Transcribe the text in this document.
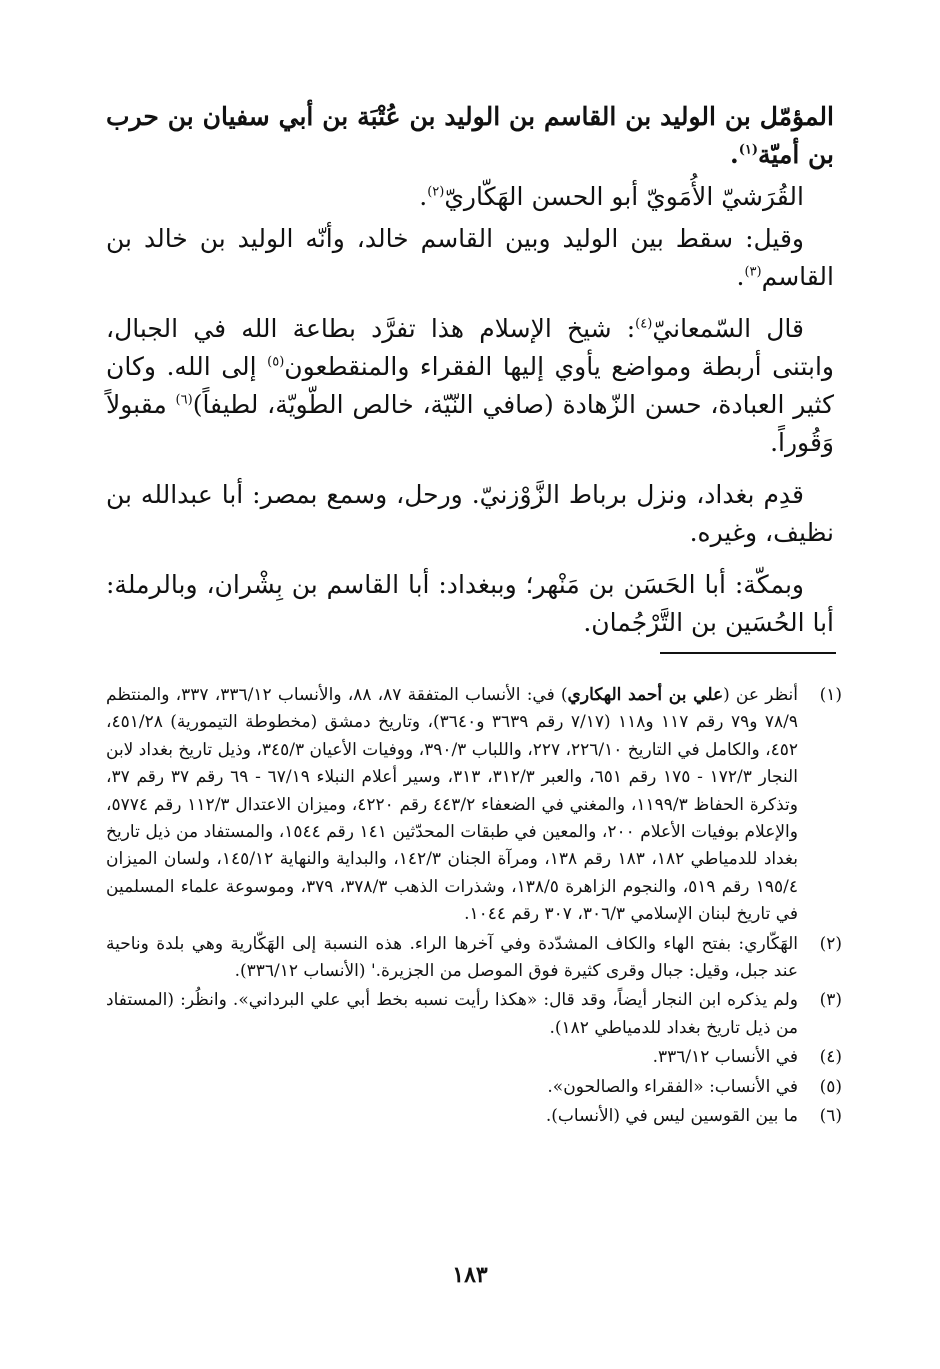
المؤمّل بن الوليد بن القاسم بن الوليد بن عُتْبَة بن أبي سفيان بن حرب بن أميّة$^{(١)}$.

القُرَشيّ الأُمَويّ أبو الحسن الهَكّاريّ$^{(٢)}$.

وقيل: سقط بين الوليد وبين القاسم خالد، وأنّه الوليد بن خالد بن القاسم$^{(٣)}$.

قال السّمعانيّ$^{(٤)}$: شيخ الإسلام هذا تفرَّد بطاعة الله في الجبال، وابتنى أربطة ومواضع يأوي إليها الفقراء والمنقطعون$^{(٥)}$ إلى الله. وكان كثير العبادة، حسن الزّهادة (صافي النّيّة، خالص الطّويّة، لطيفاً)$^{(٦)}$ مقبولاً وَقُوراً.

قدِم بغداد، ونزل برباط الزَّوْزنيّ. ورحل، وسمع بمصر: أبا عبدالله بن نظيف، وغيره.

وبمكّة: أبا الحَسَن بن مَنْهر؛ وببغداد: أبا القاسم بن بِشْران، وبالرملة: أبا الحُسَين بن التَّرْجُمان.

(١)
أنظر عن (علي بن أحمد الهكاري) في: الأنساب المتفقة ٨٧، ٨٨، والأنساب ٣٣٦/١٢، ٣٣٧، والمنتظم ٧٨/٩ و٧٩ رقم ١١٧ و١١٨ (٧/١٧ رقم ٣٦٣٩ و٣٦٤٠)، وتاريخ دمشق (مخطوطة التيمورية) ٤٥١/٢٨، ٤٥٢، والكامل في التاريخ ٢٢٦/١٠، ٢٢٧، واللباب ٣٩٠/٣، ووفيات الأعيان ٣٤٥/٣، وذيل تاريخ بغداد لابن النجار ١٧٢/٣ - ١٧٥ رقم ٦٥١، والعبر ٣١٢/٣، ٣١٣، وسير أعلام النبلاء ٦٧/١٩ - ٦٩ رقم ٣٧ رقم ٣٧، وتذكرة الحفاظ ١١٩٩/٣، والمغني في الضعفاء ٤٤٣/٢ رقم ٤٢٢٠، وميزان الاعتدال ١١٢/٣ رقم ٥٧٧٤، والإعلام بوفيات الأعلام ٢٠٠، والمعين في طبقات المحدّثين ١٤١ رقم ١٥٤٤، والمستفاد من ذيل تاريخ بغداد للدمياطي ١٨٢، ١٨٣ رقم ١٣٨، ومرآة الجنان ١٤٢/٣، والبداية والنهاية ١٤٥/١٢، ولسان الميزان ١٩٥/٤ رقم ٥١٩، والنجوم الزاهرة ١٣٨/٥، وشذرات الذهب ٣٧٨/٣، ٣٧٩، وموسوعة علماء المسلمين في تاريخ لبنان الإسلامي ٣٠٦/٣، ٣٠٧ رقم ١٠٤٤.
(٢)
الهَكّاري: بفتح الهاء والكاف المشدّدة وفي آخرها الراء. هذه النسبة إلى الهَكّارية وهي بلدة وناحية عند جبل، وقيل: جبال وقرى كثيرة فوق الموصل من الجزيرة.' (الأنساب ٣٣٦/١٢).
(٣)
ولم يذكره ابن النجار أيضاً، وقد قال: «هكذا رأيت نسبه بخط أبي علي البرداني». وانظُر: (المستفاد من ذيل تاريخ بغداد للدمياطي ١٨٢).
(٤)
في الأنساب ٣٣٦/١٢.
(٥)
في الأنساب: «الفقراء والصالحون».
(٦)
ما بين القوسين ليس في (الأنساب).
١٨٣
